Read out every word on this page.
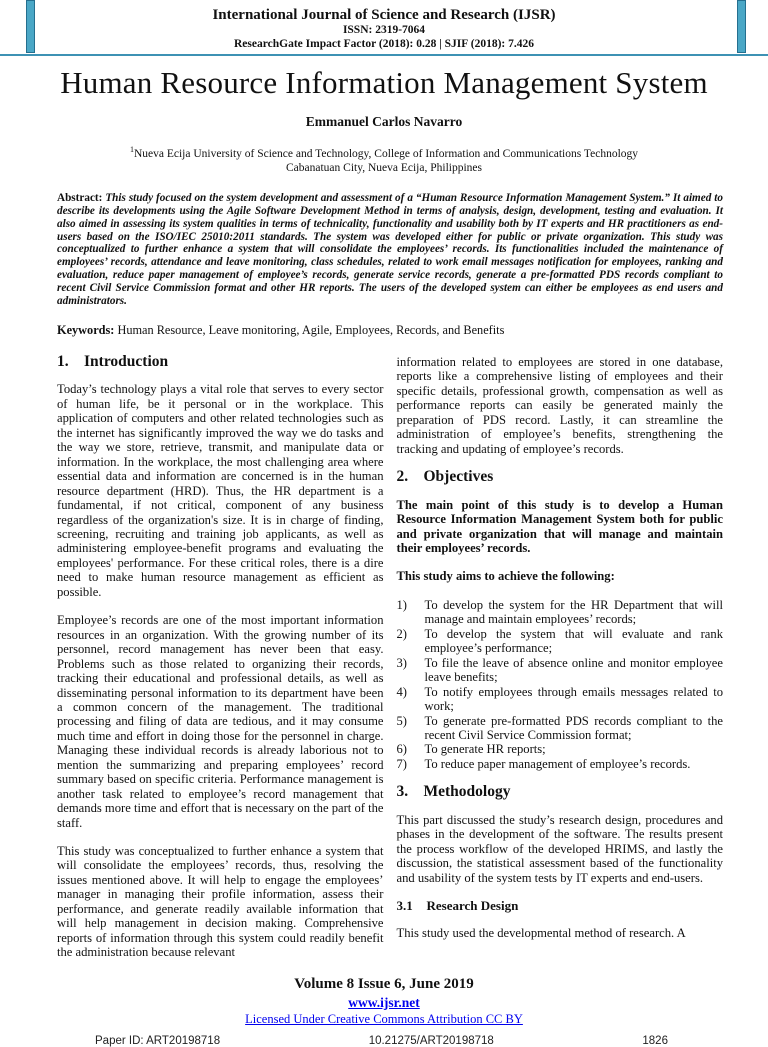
International Journal of Science and Research (IJSR)
ISSN: 2319-7064
ResearchGate Impact Factor (2018): 0.28 | SJIF (2018): 7.426
Human Resource Information Management System
Emmanuel Carlos Navarro
$^1$Nueva Ecija University of Science and Technology, College of Information and Communications Technology
Cabanatuan City, Nueva Ecija, Philippines

Abstract: This study focused on the system development and assessment of a “Human Resource Information Management System.” It aimed to describe its developments using the Agile Software Development Method in terms of analysis, design, development, testing and evaluation. It also aimed in assessing its system qualities in terms of technicality, functionality and usability both by IT experts and HR practitioners as end-users based on the ISO/IEC 25010:2011 standards. The system was developed either for public or private organization. This study was conceptualized to further enhance a system that will consolidate the employees’ records. Its functionalities included the maintenance of employees’ records, attendance and leave monitoring, class schedules, related to work email messages notification for employees, ranking and evaluation, reduce paper management of employee’s records, generate service records, generate a pre-formatted PDS records compliant to recent Civil Service Commission format and other HR reports. The users of the developed system can either be employees as end users and administrators.

Keywords: Human Resource, Leave monitoring, Agile, Employees, Records, and Benefits

1. Introduction

Today’s technology plays a vital role that serves to every sector of human life, be it personal or in the workplace. This application of computers and other related technologies such as the internet has significantly improved the way we do tasks and the way we store, retrieve, transmit, and manipulate data or information. In the workplace, the most challenging area where essential data and information are concerned is in the human resource department (HRD). Thus, the HR department is a fundamental, if not critical, component of any business regardless of the organization's size. It is in charge of finding, screening, recruiting and training job applicants, as well as administering employee-benefit programs and evaluating the employees' performance. For these critical roles, there is a dire need to make human resource management as efficient as possible.

Employee’s records are one of the most important information resources in an organization. With the growing number of its personnel, record management has never been that easy. Problems such as those related to organizing their records, tracking their educational and professional details, as well as disseminating personal information to its department have been a common concern of the management. The traditional processing and filing of data are tedious, and it may consume much time and effort in doing those for the personnel in charge. Managing these individual records is already laborious not to mention the summarizing and preparing employees’ record summary based on specific criteria. Performance management is another task related to employee’s record management that demands more time and effort that is necessary on the part of the staff.

This study was conceptualized to further enhance a system that will consolidate the employees’ records, thus, resolving the issues mentioned above. It will help to engage the employees’ manager in managing their profile information, assess their performance, and generate readily available information that will help management in decision making. Comprehensive reports of information through this system could readily benefit the administration because relevant

information related to employees are stored in one database, reports like a comprehensive listing of employees and their specific details, professional growth, compensation as well as performance reports can easily be generated mainly the preparation of PDS record. Lastly, it can streamline the administration of employee’s benefits, strengthening the tracking and updating of employee’s records.

2. Objectives

The main point of this study is to develop a Human Resource Information Management System both for public and private organization that will manage and maintain their employees’ records.

This study aims to achieve the following:

1)	To develop the system for the HR Department that will manage and maintain employees’ records;
2)	To develop the system that will evaluate and rank employee’s performance;
3)	To file the leave of absence online and monitor employee leave benefits;
4)	To notify employees through emails messages related to work;
5)	To generate pre-formatted PDS records compliant to the recent Civil Service Commission format;
6)	To generate HR reports;
7)	To reduce paper management of employee’s records.
3. Methodology

This part discussed the study’s research design, procedures and phases in the development of the software. The results present the process workflow of the developed HRIMS, and lastly the discussion, the statistical assessment based of the functionality and usability of the system tests by IT experts and end-users.

3.1 Research Design

This study used the developmental method of research. A

Volume 8 Issue 6, June 2019
www.ijsr.net
Licensed Under Creative Commons Attribution CC BY
Paper ID: ART20198718	10.21275/ART20198718	1826
